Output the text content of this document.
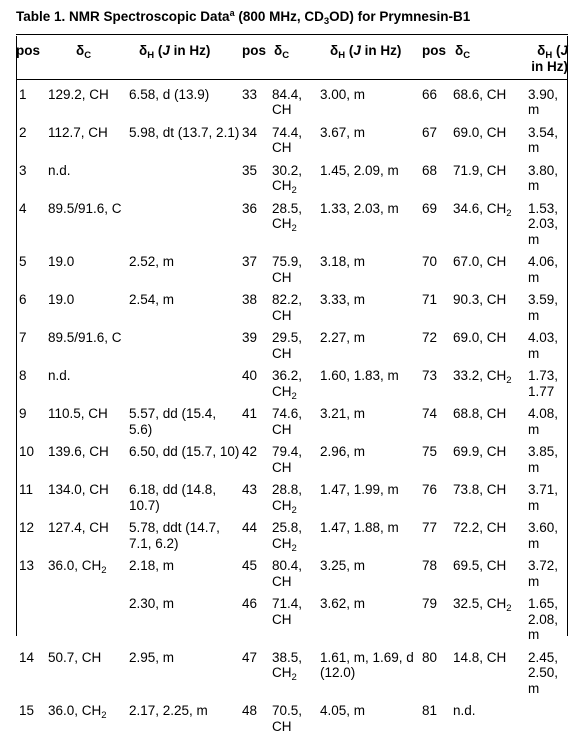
Table 1. NMR Spectroscopic Data$^a$ (800 MHz, $CD_3OD$) for Prymnesin-B1
pos	$\delta_C$	$\delta_H$ (J in Hz)	pos	$\delta_C$	$\delta_H$ (J in Hz)	pos	$\delta_C$	$\delta_H$ (J in Hz)
1	129.2, CH	6.58, d (13.9)	33	84.4, CH	3.00, m	66	68.6, CH	3.90, m
2	112.7, CH	5.98, dt (13.7, 2.1)	34	74.4, CH	3.67, m	67	69.0, CH	3.54, m
3	n.d.		35	30.2, $CH_2$	1.45, 2.09, m	68	71.9, CH	3.80, m
4	89.5/91.6, C		36	28.5, $CH_2$	1.33, 2.03, m	69	34.6, $CH_2$	1.53, 2.03, m
5	19.0	2.52, m	37	75.9, CH	3.18, m	70	67.0, CH	4.06, m
6	19.0	2.54, m	38	82.2, CH	3.33, m	71	90.3, CH	3.59, m
7	89.5/91.6, C		39	29.5, CH	2.27, m	72	69.0, CH	4.03, m
8	n.d.		40	36.2, $CH_2$	1.60, 1.83, m	73	33.2, $CH_2$	1.73, 1.77
9	110.5, CH	5.57, dd (15.4, 5.6)	41	74.6, CH	3.21, m	74	68.8, CH	4.08, m
10	139.6, CH	6.50, dd (15.7, 10)	42	79.4, CH	2.96, m	75	69.9, CH	3.85, m
11	134.0, CH	6.18, dd (14.8, 10.7)	43	28.8, $CH_2$	1.47, 1.99, m	76	73.8, CH	3.71, m
12	127.4, CH	5.78, ddt (14.7, 7.1, 6.2)	44	25.8, $CH_2$	1.47, 1.88, m	77	72.2, CH	3.60, m
13	36.0, $CH_2$	2.18, m	45	80.4, CH	3.25, m	78	69.5, CH	3.72, m
		2.30, m	46	71.4, CH	3.62, m	79	32.5, $CH_2$	1.65, 2.08, m
14	50.7, CH	2.95, m	47	38.5, $CH_2$	1.61, m, 1.69, d (12.0)	80	14.8, CH	2.45, 2.50, m
15	36.0, $CH_2$	2.17, 2.25, m	48	70.5, CH	4.05, m	81	n.d.	
